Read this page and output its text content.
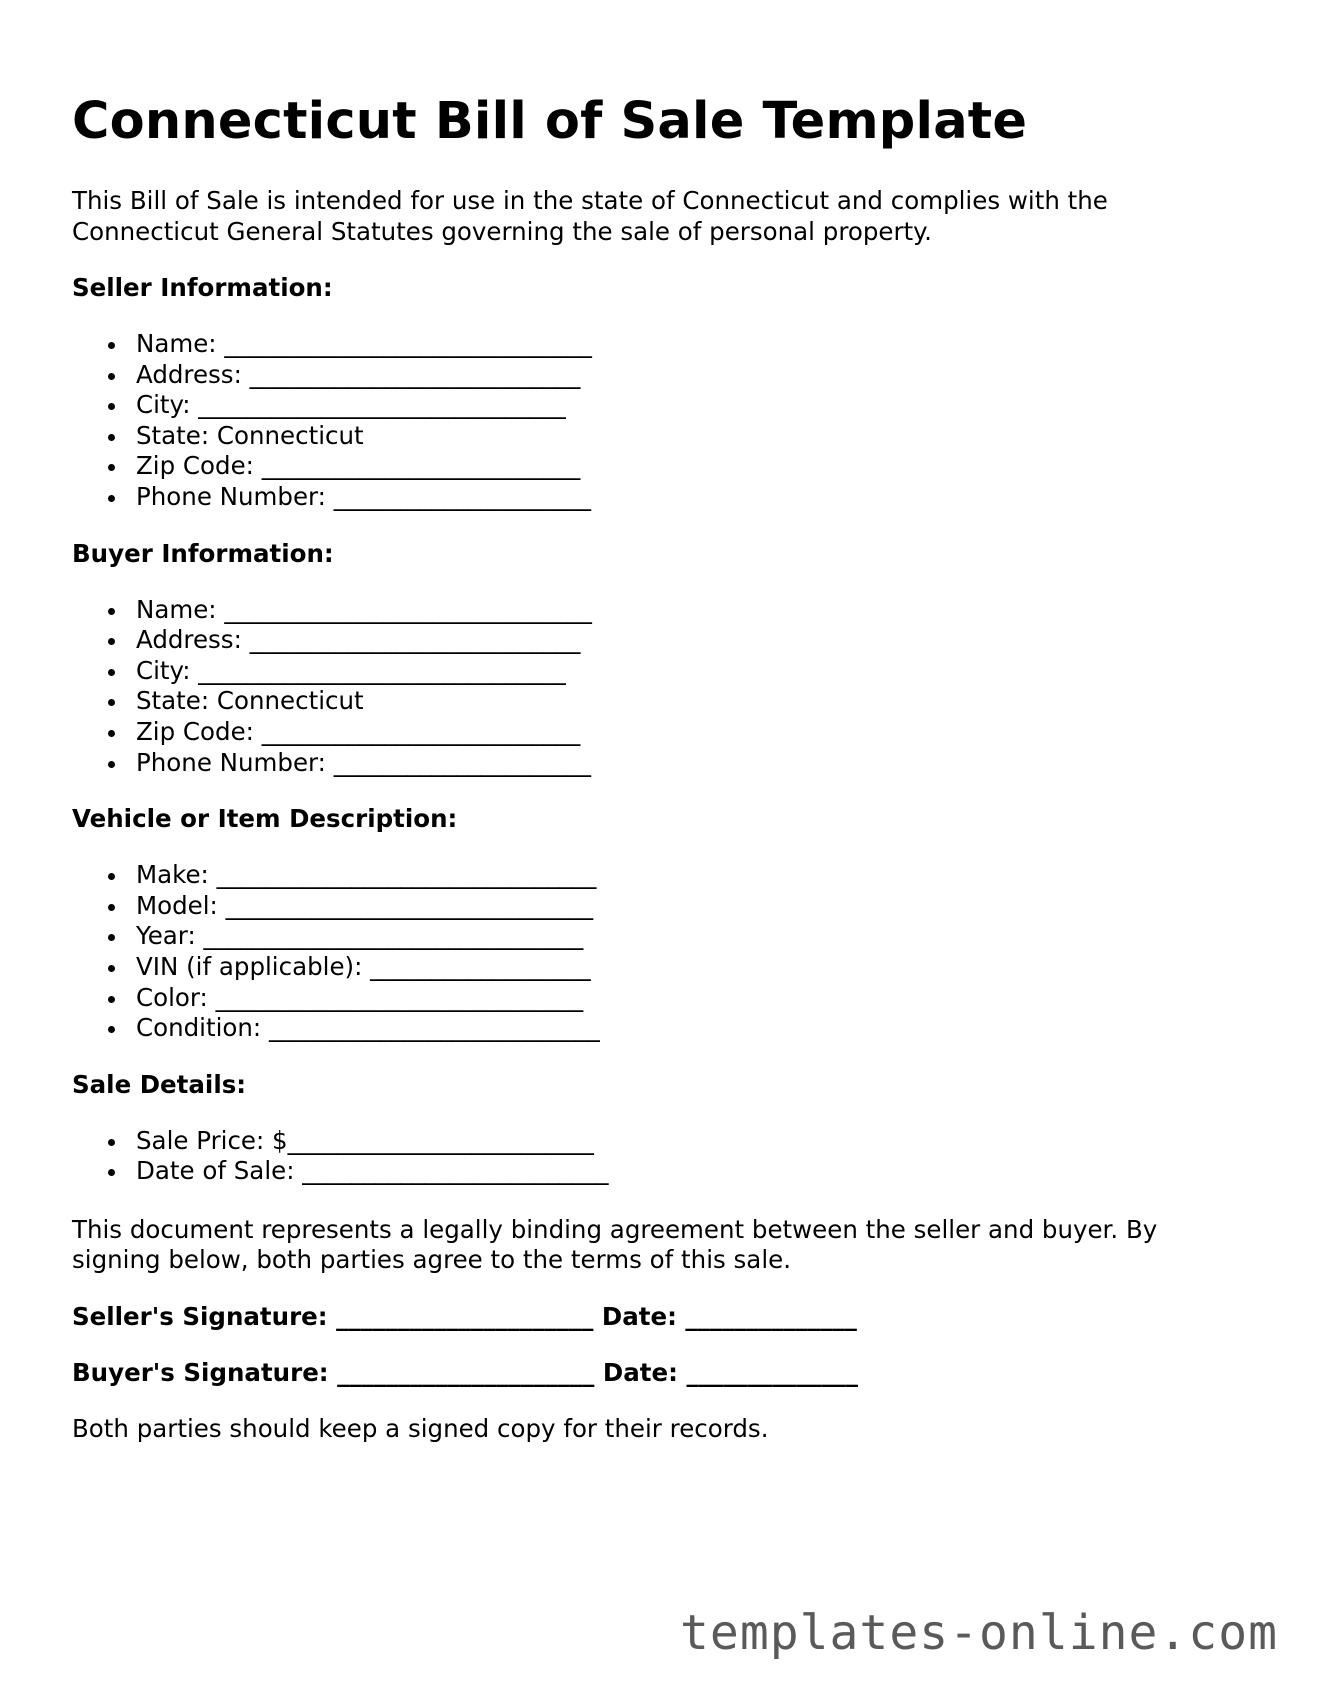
Connecticut Bill of Sale Template

This Bill of Sale is intended for use in the state of Connecticut and complies with the Connecticut General Statutes governing the sale of personal property.

Seller Information:
Name: ______________________________
Address: ___________________________
City: ______________________________
State: Connecticut
Zip Code: __________________________
Phone Number: _____________________
Buyer Information:
Name: ______________________________
Address: ___________________________
City: ______________________________
State: Connecticut
Zip Code: __________________________
Phone Number: _____________________
Vehicle or Item Description:
Make: _______________________________
Model: ______________________________
Year: _______________________________
VIN (if applicable): __________________
Color: ______________________________
Condition: ___________________________
Sale Details:
Sale Price: $_________________________
Date of Sale: _________________________

This document represents a legally binding agreement between the seller and buyer. By signing below, both parties agree to the terms of this sale.

Seller's Signature: _____________________ Date: ______________
Buyer's Signature: _____________________ Date: ______________

Both parties should keep a signed copy for their records.

templates-online.com
